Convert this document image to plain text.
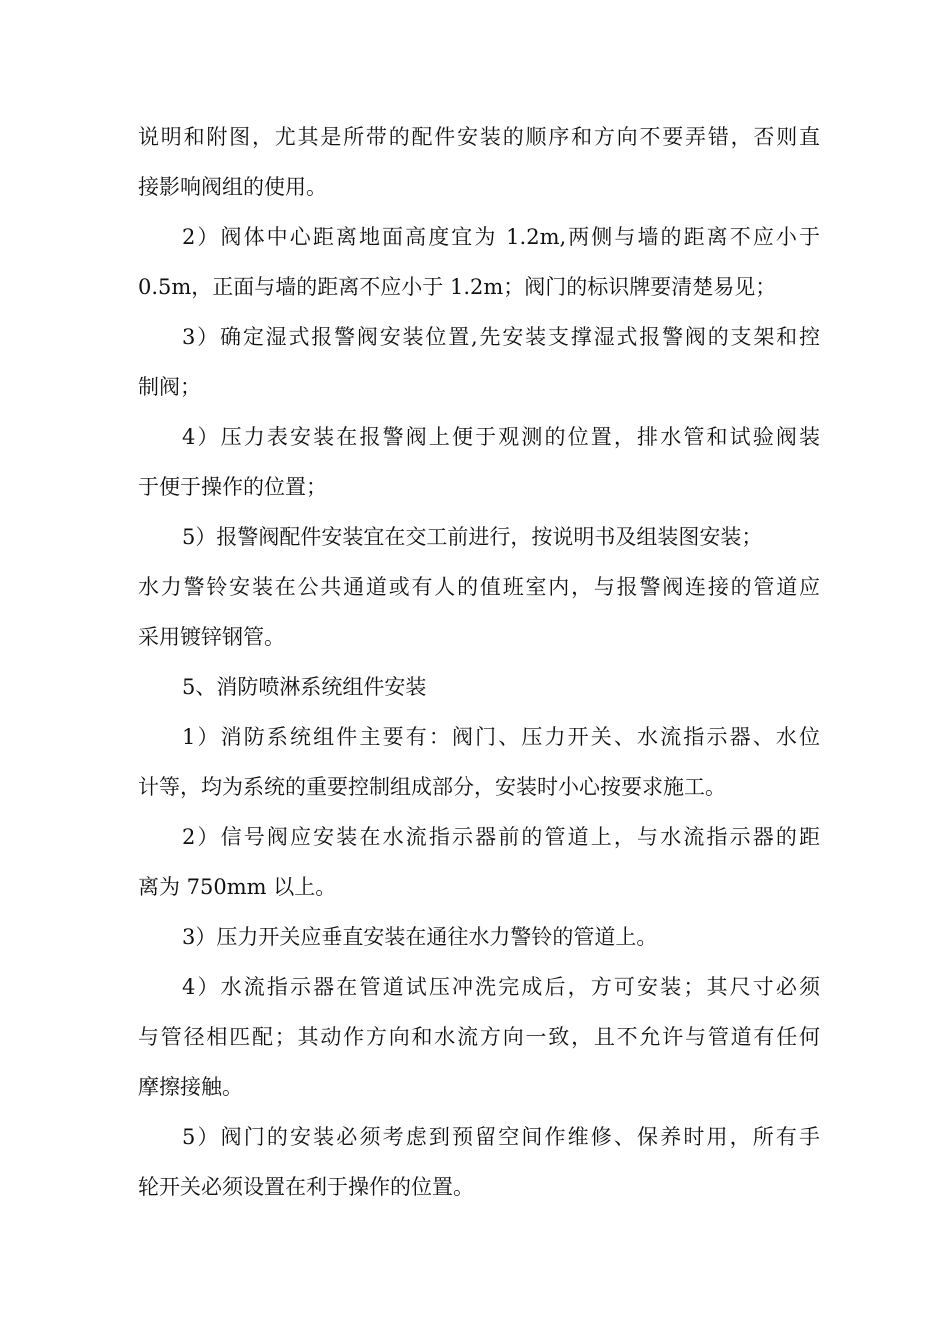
说明和附图，尤其是所带的配件安装的顺序和方向不要弄错，否则直
接影响阀组的使用。
2）阀体中心距离地面高度宜为 1.2m,两侧与墙的距离不应小于
0.5m，正面与墙的距离不应小于 1.2m；阀门的标识牌要清楚易见；
3）确定湿式报警阀安装位置,先安装支撑湿式报警阀的支架和控
制阀；
4）压力表安装在报警阀上便于观测的位置，排水管和试验阀装
于便于操作的位置；
5）报警阀配件安装宜在交工前进行，按说明书及组装图安装；
水力警铃安装在公共通道或有人的值班室内，与报警阀连接的管道应
采用镀锌钢管。
5、消防喷淋系统组件安装
1）消防系统组件主要有：阀门、压力开关、水流指示器、水位
计等，均为系统的重要控制组成部分，安装时小心按要求施工。
2）信号阀应安装在水流指示器前的管道上，与水流指示器的距
离为 750mm 以上。
3）压力开关应垂直安装在通往水力警铃的管道上。
4）水流指示器在管道试压冲洗完成后，方可安装；其尺寸必须
与管径相匹配；其动作方向和水流方向一致，且不允许与管道有任何
摩擦接触。
5）阀门的安装必须考虑到预留空间作维修、保养时用，所有手
轮开关必须设置在利于操作的位置。
